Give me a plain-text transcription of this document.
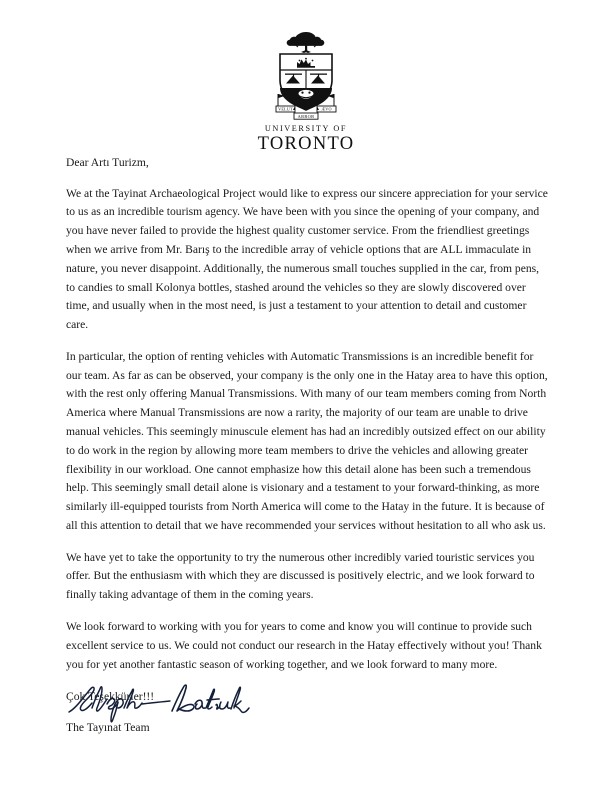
VELUT	ÆVO
ARBOR
UNIVERSITY OF
TORONTO

Dear Artı Turizm,

We at the Tayinat Archaeological Project would like to express our sincere appreciation for your service to us as an incredible tourism agency. We have been with you since the opening of your company, and you have never failed to provide the highest quality customer service. From the friendliest greetings when we arrive from Mr. Barış to the incredible array of vehicle options that are ALL immaculate in nature, you never disappoint. Additionally, the numerous small touches supplied in the car, from pens, to candies to small Kolonya bottles, stashed around the vehicles so they are slowly discovered over time, and usually when in the most need, is just a testament to your attention to detail and customer care.

In particular, the option of renting vehicles with Automatic Transmissions is an incredible benefit for our team. As far as can be observed, your company is the only one in the Hatay area to have this option, with the rest only offering Manual Transmissions. With many of our team members coming from North America where Manual Transmissions are now a rarity, the majority of our team are unable to drive manual vehicles. This seemingly minuscule element has had an incredibly outsized effect on our ability to do work in the region by allowing more team members to drive the vehicles and allowing greater flexibility in our workload. One cannot emphasize how this detail alone has been such a tremendous help. This seemingly small detail alone is visionary and a testament to your forward-thinking, as more similarly ill-equipped tourists from North America will come to the Hatay in the future. It is because of all this attention to detail that we have recommended your services without hesitation to all who ask us.

We have yet to take the opportunity to try the numerous other incredibly varied touristic services you offer. But the enthusiasm with which they are discussed is positively electric, and we look forward to finally taking advantage of them in the coming years.

We look forward to working with you for years to come and know you will continue to provide such excellent service to us. We could not conduct our research in the Hatay effectively without you! Thank you for yet another fantastic season of working together, and we look forward to many more.

Çok Teşekkürler!!!

The Tayınat Team
